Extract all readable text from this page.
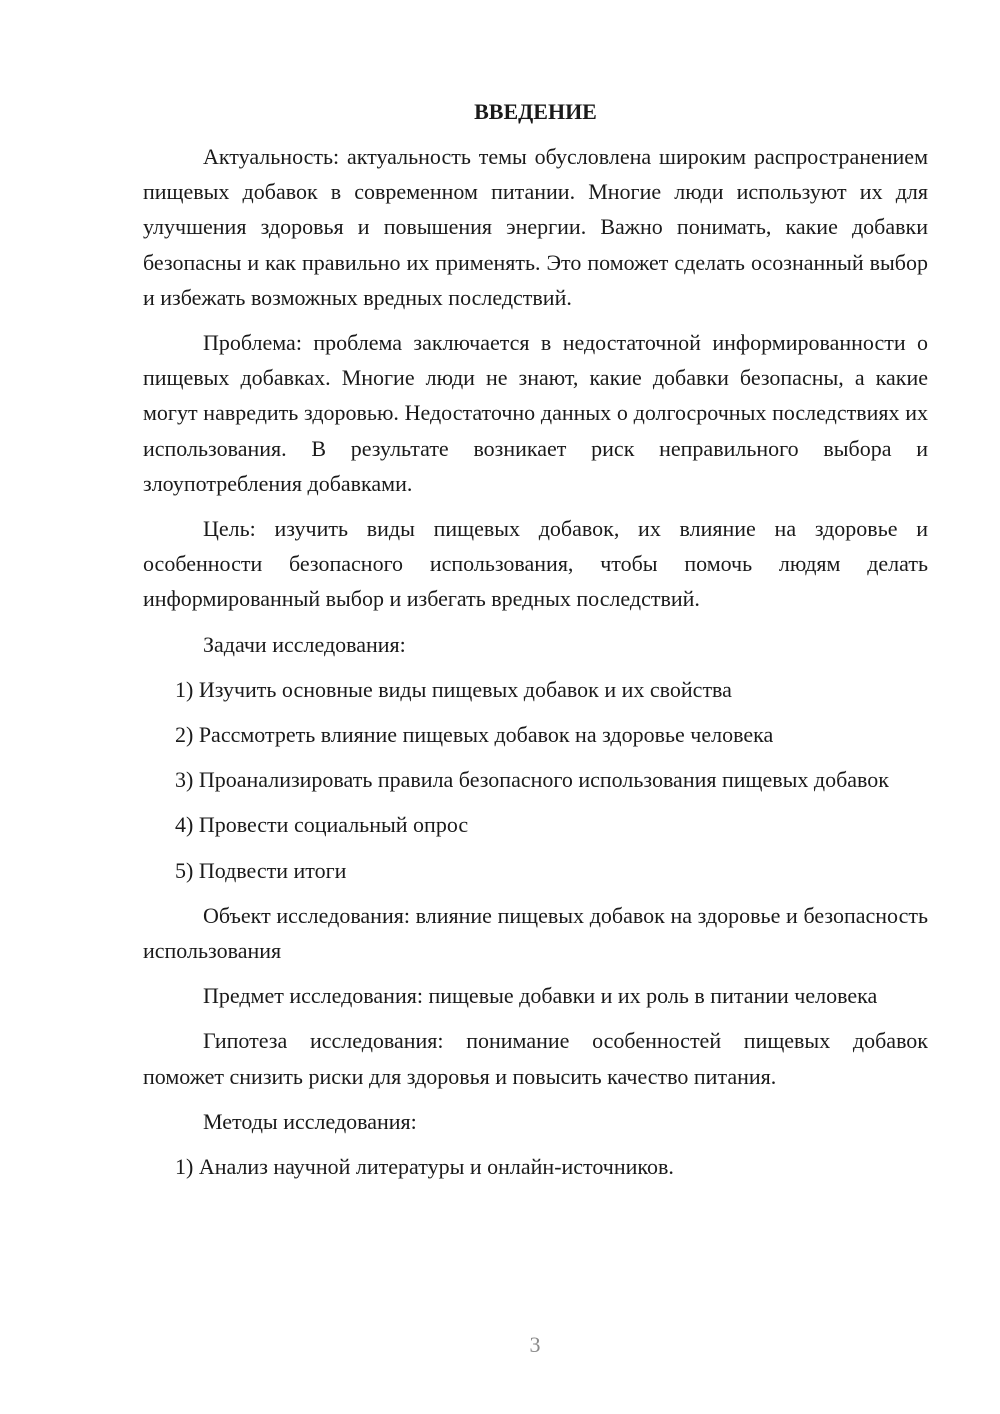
ВВЕДЕНИЕ

Актуальность: актуальность темы обусловлена широким распространением пищевых добавок в современном питании. Многие люди используют их для улучшения здоровья и повышения энергии. Важно понимать, какие добавки безопасны и как правильно их применять. Это поможет сделать осознанный выбор и избежать возможных вредных последствий.

Проблема: проблема заключается в недостаточной информированности о пищевых добавках. Многие люди не знают, какие добавки безопасны, а какие могут навредить здоровью. Недостаточно данных о долгосрочных последствиях их использования. В результате возникает риск неправильного выбора и злоупотребления добавками.

Цель: изучить виды пищевых добавок, их влияние на здоровье и особенности безопасного использования, чтобы помочь людям делать информированный выбор и избегать вредных последствий.

Задачи исследования:

1) Изучить основные виды пищевых добавок и их свойства

2) Рассмотреть влияние пищевых добавок на здоровье человека

3) Проанализировать правила безопасного использования пищевых добавок

4) Провести социальный опрос

5) Подвести итоги

Объект исследования: влияние пищевых добавок на здоровье и безопасность использования

Предмет исследования: пищевые добавки и их роль в питании человека

Гипотеза исследования: понимание особенностей пищевых добавок поможет снизить риски для здоровья и повысить качество питания.

Методы исследования:

1) Анализ научной литературы и онлайн-источников.

3
